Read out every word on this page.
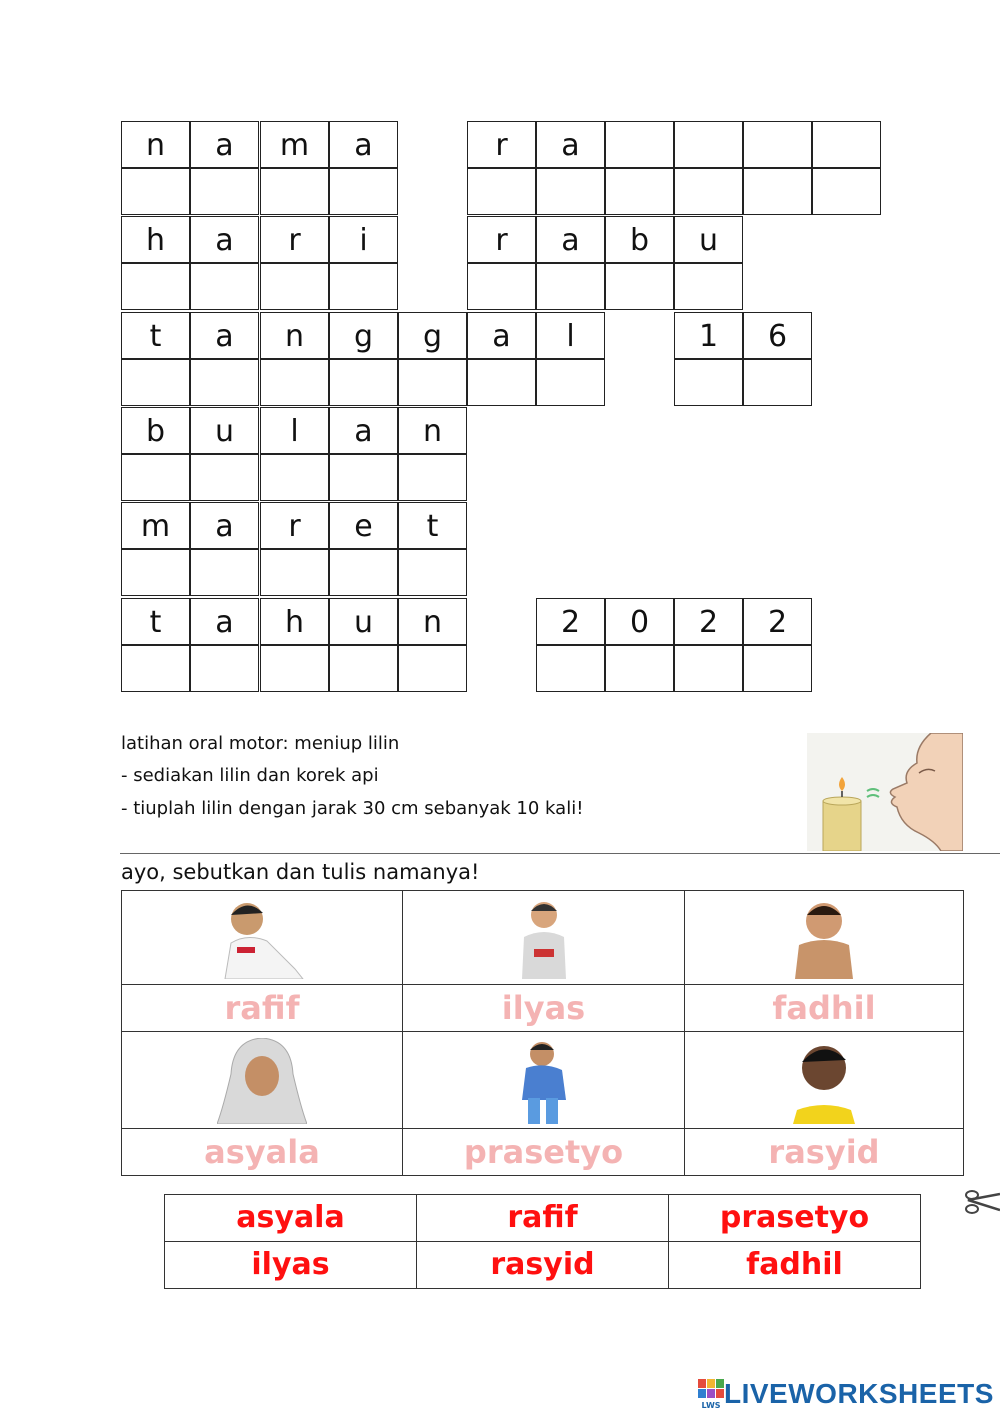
n	a	m	a	r	a
h	a	r	i	r	a	b	u
t	a	n	g	g	a	l	1	6
b	u	l	a	n
m	a	r	e	t
t	a	h	u	n	2	0	2	2
latihan oral motor: meniup lilin
- sediakan lilin dan korek api
- tiuplah lilin dengan jarak 30 cm sebanyak 10 kali!
ayo, sebutkan dan tulis namanya!
rafif	ilyas	fadhil
asyala	prasetyo	rasyid
asyala	rafif	prasetyo
ilyas	rasyid	fadhil
LWS LIVEWORKSHEETS
